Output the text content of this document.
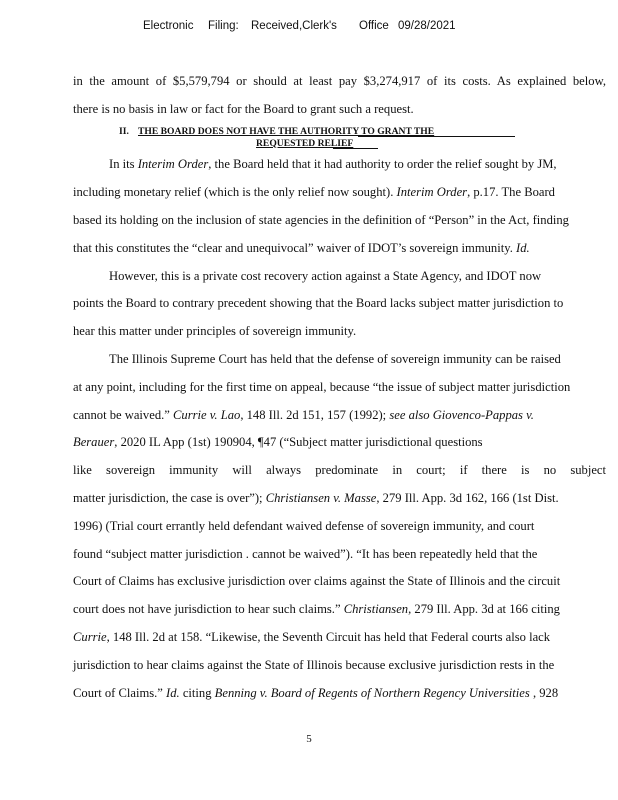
Electronic Filing: Received,Clerk's Office 09/28/2021
in the amount of $5,579,794 or should at least pay $3,274,917 of its costs. As explained below,
there is no basis in law or fact for the Board to grant such a request.
II. THE BOARD DOES NOT HAVE THE AUTHORITY TO GRANT THE
REQUESTED RELIEF
In its Interim Order, the Board held that it had authority to order the relief sought by JM,
including monetary relief (which is the only relief now sought). Interim Order, p.17. The Board
based its holding on the inclusion of state agencies in the definition of “Person” in the Act, finding
that this constitutes the “clear and unequivocal” waiver of IDOT’s sovereign immunity. Id.
However, this is a private cost recovery action against a State Agency, and IDOT now
points the Board to contrary precedent showing that the Board lacks subject matter jurisdiction to
hear this matter under principles of sovereign immunity.
The Illinois Supreme Court has held that the defense of sovereign immunity can be raised
at any point, including for the first time on appeal, because “the issue of subject matter jurisdiction
cannot be waived.” Currie v. Lao, 148 Ill. 2d 151, 157 (1992); see also Giovenco-Pappas v.
Berauer, 2020 IL App (1st) 190904, ¶47 (“Subject matter jurisdictional questions
like sovereign immunity will always predominate in court; if there is no subject
matter jurisdiction, the case is over”); Christiansen v. Masse, 279 Ill. App. 3d 162, 166 (1st Dist.
1996) (Trial court errantly held defendant waived defense of sovereign immunity, and court
found “subject matter jurisdiction . cannot be waived”). “It has been repeatedly held that the
Court of Claims has exclusive jurisdiction over claims against the State of Illinois and the circuit
court does not have jurisdiction to hear such claims.” Christiansen, 279 Ill. App. 3d at 166 citing
Currie, 148 Ill. 2d at 158. “Likewise, the Seventh Circuit has held that Federal courts also lack
jurisdiction to hear claims against the State of Illinois because exclusive jurisdiction rests in the
Court of Claims.” Id. citing Benning v. Board of Regents of Northern Regency Universities , 928
5
